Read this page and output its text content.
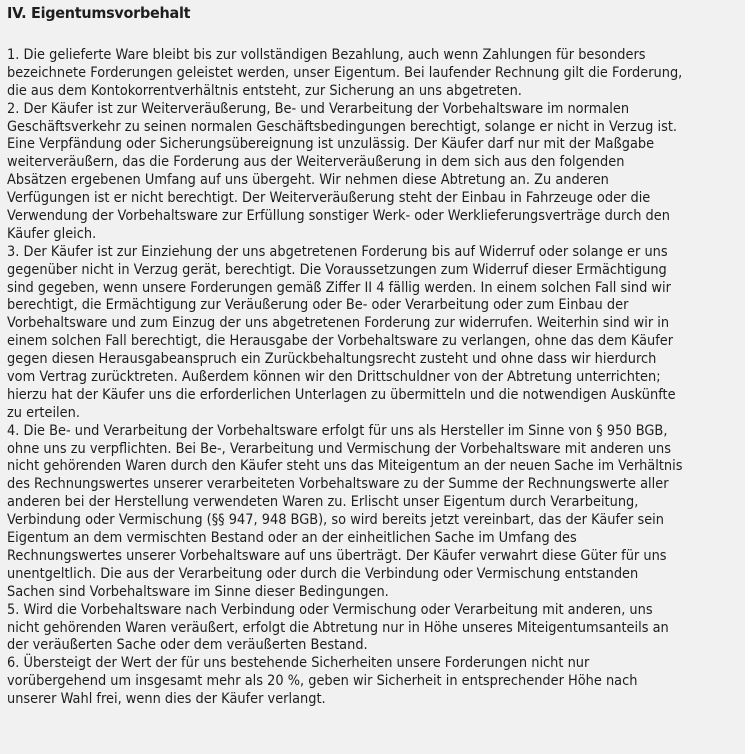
IV. Eigentumsvorbehalt
1. Die gelieferte Ware bleibt bis zur vollständigen Bezahlung, auch wenn Zahlungen für besonders
bezeichnete Forderungen geleistet werden, unser Eigentum. Bei laufender Rechnung gilt die Forderung,
die aus dem Kontokorrentverhältnis entsteht, zur Sicherung an uns abgetreten.
2. Der Käufer ist zur Weiterveräußerung, Be- und Verarbeitung der Vorbehaltsware im normalen
Geschäftsverkehr zu seinen normalen Geschäftsbedingungen berechtigt, solange er nicht in Verzug ist.
Eine Verpfändung oder Sicherungsübereignung ist unzulässig. Der Käufer darf nur mit der Maßgabe
weiterveräußern, das die Forderung aus der Weiterveräußerung in dem sich aus den folgenden
Absätzen ergebenen Umfang auf uns übergeht. Wir nehmen diese Abtretung an. Zu anderen
Verfügungen ist er nicht berechtigt. Der Weiterveräußerung steht der Einbau in Fahrzeuge oder die
Verwendung der Vorbehaltsware zur Erfüllung sonstiger Werk- oder Werklieferungsverträge durch den
Käufer gleich.
3. Der Käufer ist zur Einziehung der uns abgetretenen Forderung bis auf Widerruf oder solange er uns
gegenüber nicht in Verzug gerät, berechtigt. Die Voraussetzungen zum Widerruf dieser Ermächtigung
sind gegeben, wenn unsere Forderungen gemäß Ziffer II 4 fällig werden. In einem solchen Fall sind wir
berechtigt, die Ermächtigung zur Veräußerung oder Be- oder Verarbeitung oder zum Einbau der
Vorbehaltsware und zum Einzug der uns abgetretenen Forderung zur widerrufen. Weiterhin sind wir in
einem solchen Fall berechtigt, die Herausgabe der Vorbehaltsware zu verlangen, ohne das dem Käufer
gegen diesen Herausgabeanspruch ein Zurückbehaltungsrecht zusteht und ohne dass wir hierdurch
vom Vertrag zurücktreten. Außerdem können wir den Drittschuldner von der Abtretung unterrichten;
hierzu hat der Käufer uns die erforderlichen Unterlagen zu übermitteln und die notwendigen Auskünfte
zu erteilen.
4. Die Be- und Verarbeitung der Vorbehaltsware erfolgt für uns als Hersteller im Sinne von § 950 BGB,
ohne uns zu verpflichten. Bei Be-, Verarbeitung und Vermischung der Vorbehaltsware mit anderen uns
nicht gehörenden Waren durch den Käufer steht uns das Miteigentum an der neuen Sache im Verhältnis
des Rechnungswertes unserer verarbeiteten Vorbehaltsware zu der Summe der Rechnungswerte aller
anderen bei der Herstellung verwendeten Waren zu. Erlischt unser Eigentum durch Verarbeitung,
Verbindung oder Vermischung (§§ 947, 948 BGB), so wird bereits jetzt vereinbart, das der Käufer sein
Eigentum an dem vermischten Bestand oder an der einheitlichen Sache im Umfang des
Rechnungswertes unserer Vorbehaltsware auf uns überträgt. Der Käufer verwahrt diese Güter für uns
unentgeltlich. Die aus der Verarbeitung oder durch die Verbindung oder Vermischung entstanden
Sachen sind Vorbehaltsware im Sinne dieser Bedingungen.
5. Wird die Vorbehaltsware nach Verbindung oder Vermischung oder Verarbeitung mit anderen, uns
nicht gehörenden Waren veräußert, erfolgt die Abtretung nur in Höhe unseres Miteigentumsanteils an
der veräußerten Sache oder dem veräußerten Bestand.
6. Übersteigt der Wert der für uns bestehende Sicherheiten unsere Forderungen nicht nur
vorübergehend um insgesamt mehr als 20 %, geben wir Sicherheit in entsprechender Höhe nach
unserer Wahl frei, wenn dies der Käufer verlangt.
